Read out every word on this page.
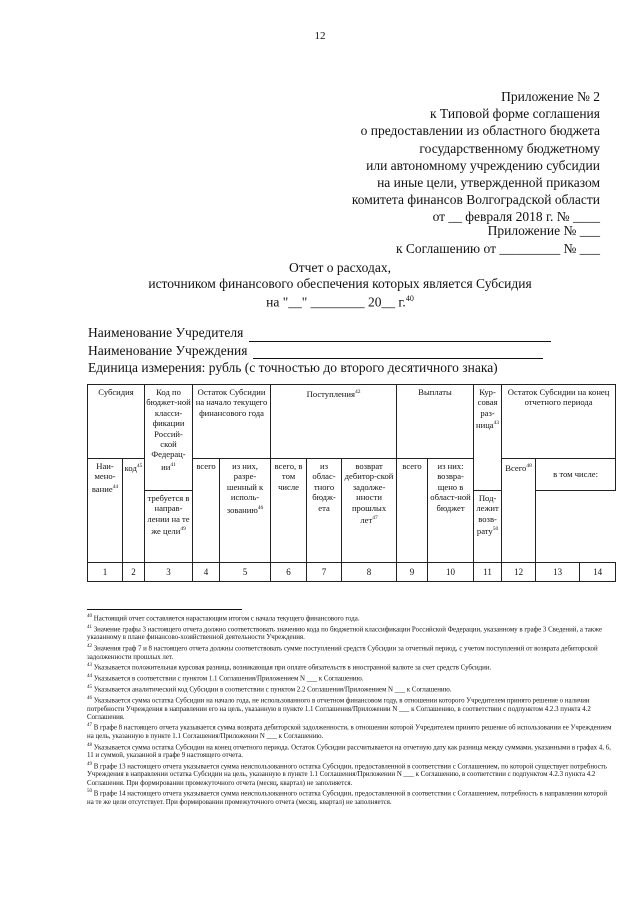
12
Приложение № 2
к Типовой форме соглашения
о предоставлении из областного бюджета
государственному бюджетному
или автономному учреждению субсидии
на иные цели, утвержденной приказом
комитета финансов Волгоградской области
от __ февраля 2018 г. № ____
Приложение № ___
к Соглашению от _________ № ___
Отчет о расходах,
источником финансового обеспечения которых является Субсидия
на "__" ________ 20__ г.$^{40}$
Наименование Учредителя
Наименование Учреждения
Единица измерения: рубль (с точностью до второго десятичного знака)
Субсидия		Код по бюджет-ной класси-фикации Россий-ской Федерац-$ии^{41}$	Остаток Субсидии на начало текущего финансового года		Поступления$^{42}$			Выплаты		Кур-совая раз-ница$^{43}$	Остаток Субсидии на конец отчетного периода		
Наи-мено-вание$^{44}$	код$^{45}$		всего	из них, разре-шенный к исполь-зованию$^{46}$	всего, в том числе	из облас-тного бюдж-ета	возврат дебитор-ской задолже-нности прошлых лет$^{47}$	всего	из них: возвра-щено в област-ной бюджет		Всего$^{48}$	в том числе:	
		требуется в направ-лении на те же цели$^{49}$								Под-лежит возв-рату$^{50}$
1	2	3	4	5	6	7	8	9	10	11	12	13	14

$^{40}$ Настоящий отчет составляется нарастающим итогом с начала текущего финансового года.

$^{41}$ Значение графы 3 настоящего отчета должно соответствовать значению кода по бюджетной классификации Российской Федерации, указанному в графе 3 Сведений, а также указанному в плане финансово-хозяйственной деятельности Учреждения.

$^{42}$ Значения граф 7 и 8 настоящего отчета должны соответствовать сумме поступлений средств Субсидии за отчетный период, с учетом поступлений от возврата дебиторской задолженности прошлых лет.

$^{43}$ Указывается положительная курсовая разница, возникающая при оплате обязательств в иностранной валюте за счет средств Субсидии.

$^{44}$ Указывается в соответствии с пунктом 1.1 Соглашения/Приложением N ___ к Соглашению.

$^{45}$ Указывается аналитический код Субсидии в соответствии с пунктом 2.2 Соглашения/Приложением N ___ к Соглашению.

$^{46}$ Указывается сумма остатка Субсидии на начало года, не использованного в отчетном финансовом году, в отношении которого Учредителем принято решение о наличии потребности Учреждения в направлении его на цель, указанную в пункте 1.1 Соглашения/Приложении N ___ к Соглашению, в соответствии с подпунктом 4.2.3 пункта 4.2 Соглашения.

$^{47}$ В графе 8 настоящего отчета указывается сумма возврата дебиторской задолженности, в отношении которой Учредителем принято решение об использовании ее Учреждением на цель, указанную в пункте 1.1 Соглашения/Приложении N ___ к Соглашению.

$^{48}$ Указывается сумма остатка Субсидии на конец отчетного периода. Остаток Субсидии рассчитывается на отчетную дату как разница между суммами, указанными в графах 4, 6, 11 и суммой, указанной в графе 9 настоящего отчета.

$^{49}$ В графе 13 настоящего отчета указывается сумма неиспользованного остатка Субсидии, предоставленной в соответствии с Соглашением, по которой существует потребность Учреждения в направлении остатка Субсидии на цель, указанную в пункте 1.1 Соглашения/Приложении N ___ к Соглашению, в соответствии с подпунктом 4.2.3 пункта 4.2 Соглашения. При формировании промежуточного отчета (месяц, квартал) не заполняется.

$^{50}$ В графе 14 настоящего отчета указывается сумма неиспользованного остатка Субсидии, предоставленной в соответствии с Соглашением, потребность в направлении которой на те же цели отсутствует. При формировании промежуточного отчета (месяц, квартал) не заполняется.
